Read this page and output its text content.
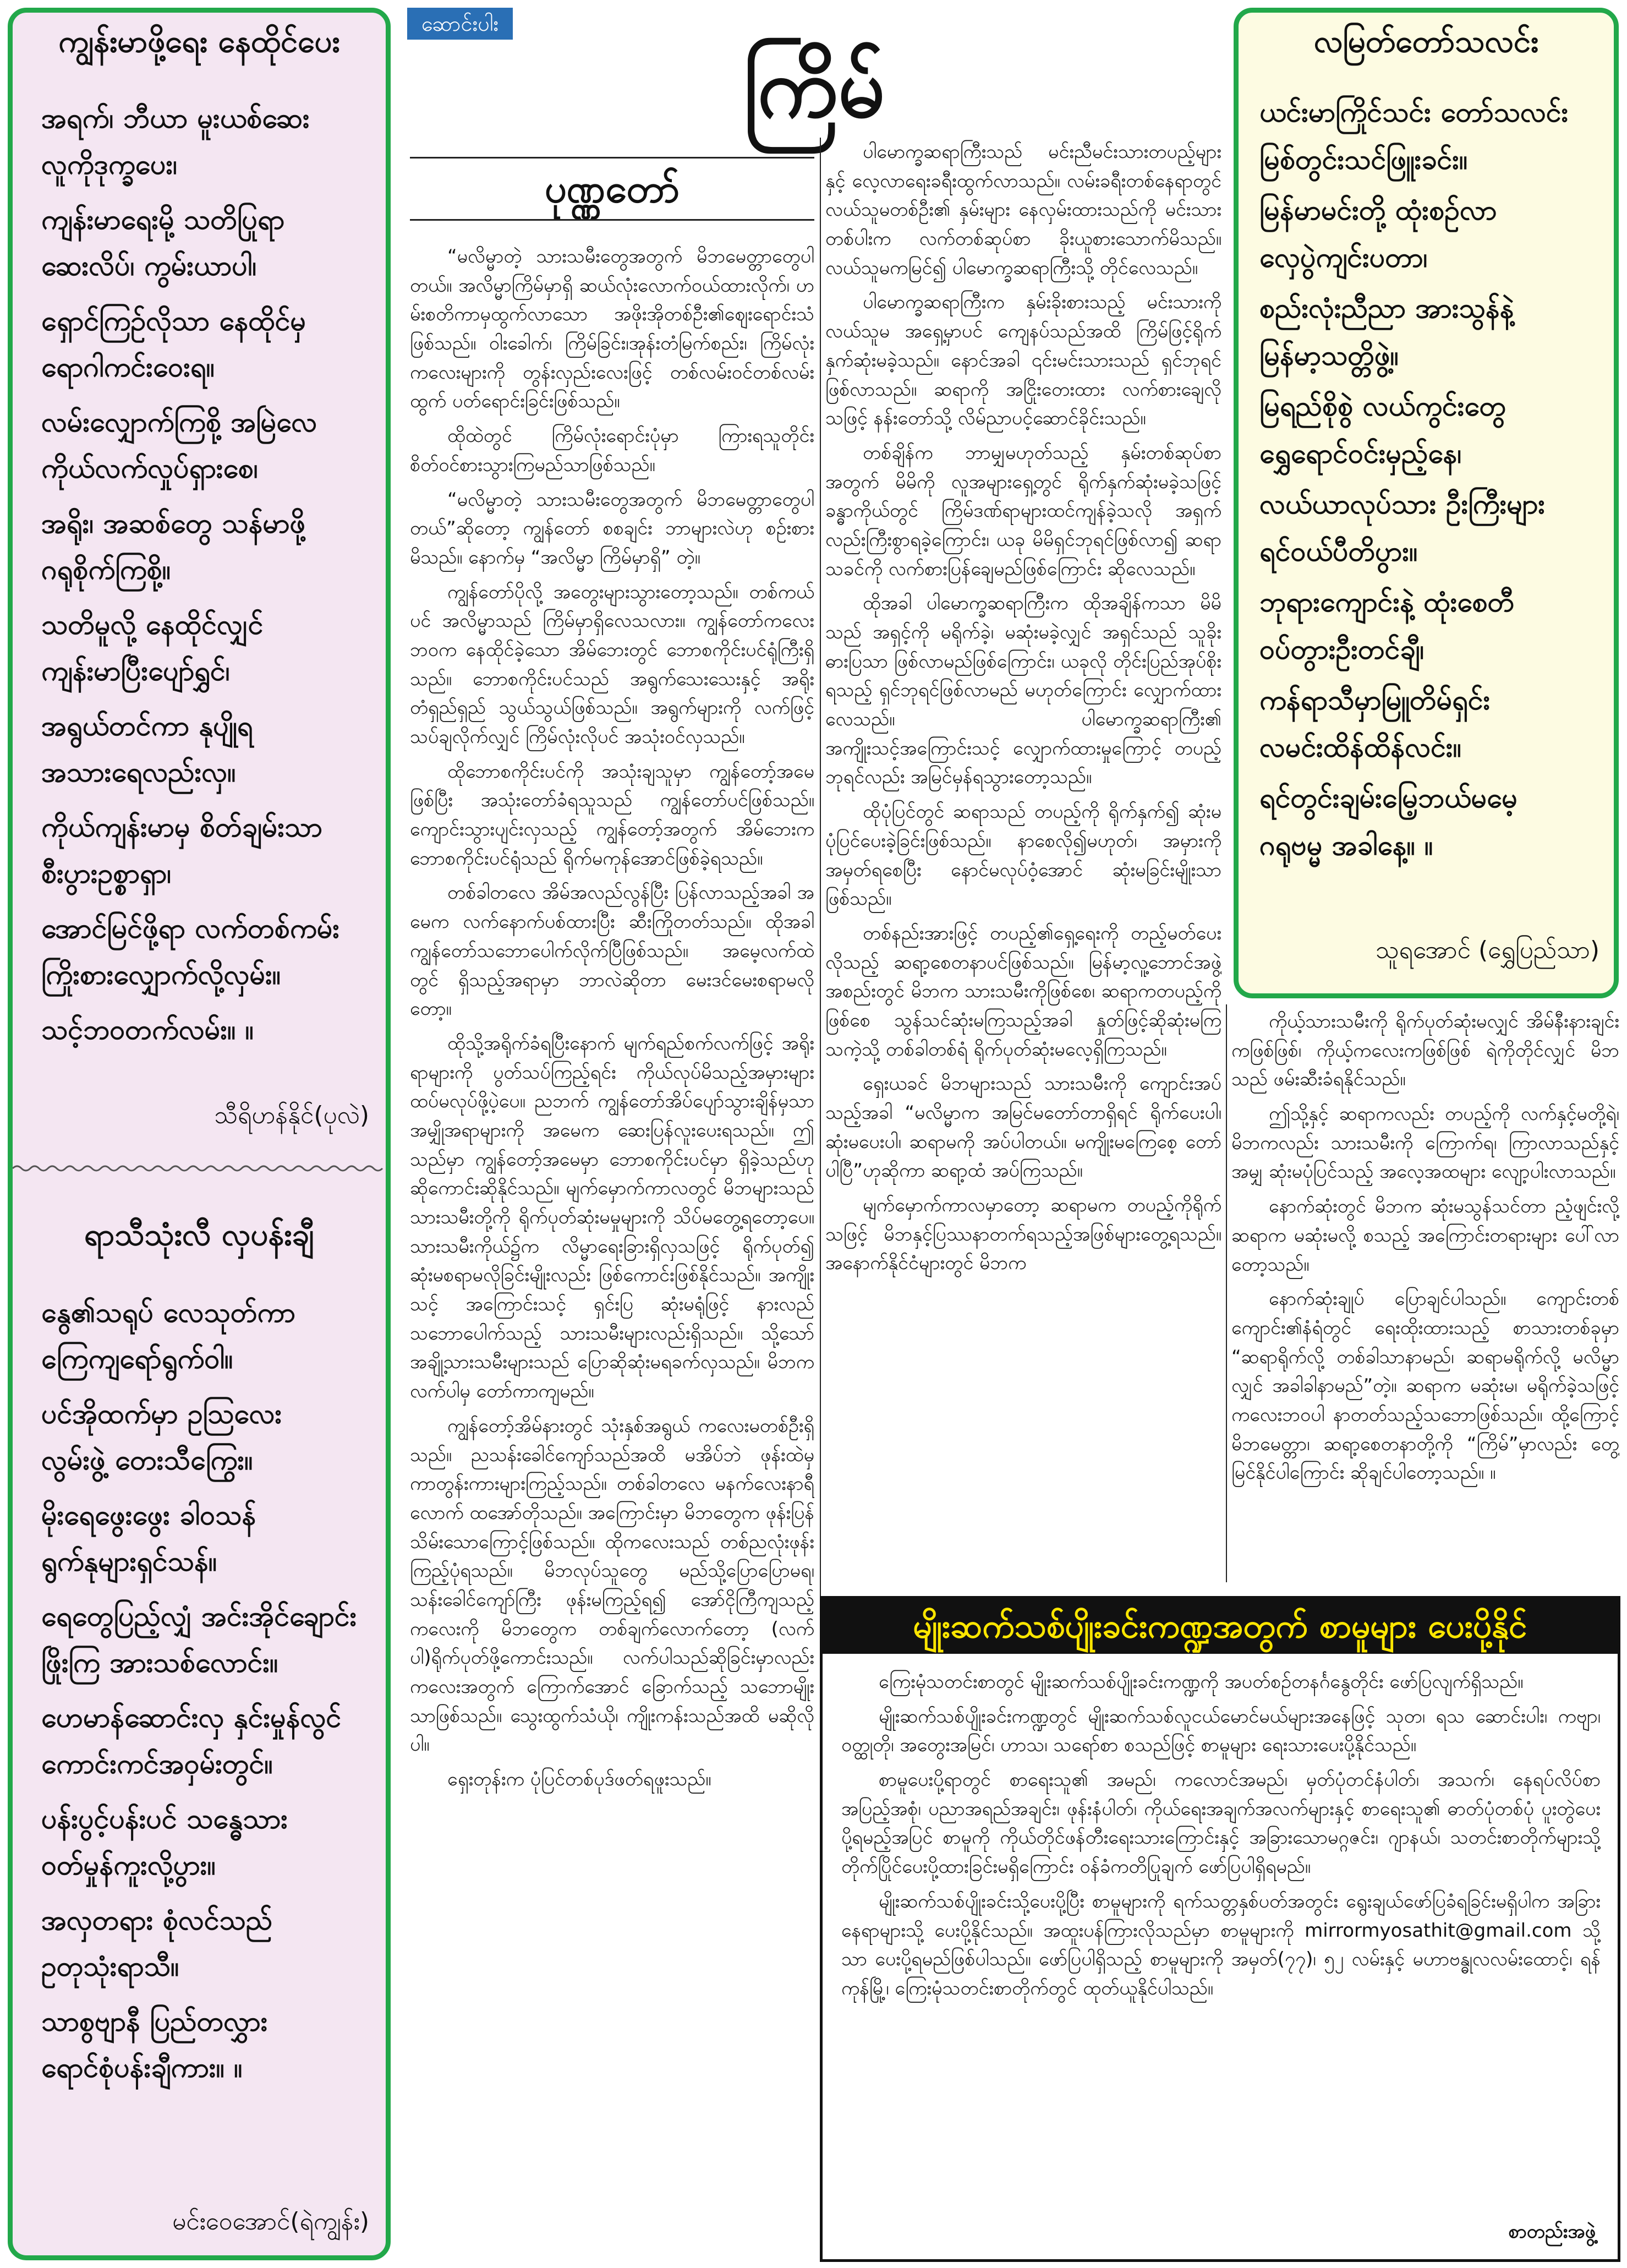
ကျွန်းမာဖို့ရေး နေထိုင်ပေး
အရက်၊ ဘီယာ မူးယစ်ဆေး
လူကိုဒုက္ခပေး၊
ကျန်းမာရေးမို့ သတိပြုရာ
ဆေးလိပ်၊ ကွမ်းယာပါ၊
ရှောင်ကြဉ်လိုသာ နေထိုင်မှ
ရောဂါကင်းဝေးရ။
လမ်းလျှောက်ကြစို့ အမြဲလေ
ကိုယ်လက်လှုပ်ရှားစေ၊
အရိုး၊ အဆစ်တွေ သန်မာဖို့
ဂရုစိုက်ကြစို့။
သတိမူလို့ နေထိုင်လျှင်
ကျန်းမာပြီးပျော်ရွှင်၊
အရွယ်တင်ကာ နုပျိုရ
အသားရေလည်းလှ။
ကိုယ်ကျန်းမာမှ စိတ်ချမ်းသာ
စီးပွားဥစ္စာရှာ၊
အောင်မြင်ဖို့ရာ လက်တစ်ကမ်း
ကြိုးစားလျှောက်လို့လှမ်း။
သင့်ဘဝတက်လမ်း။ ။
သီရိဟန်နိုင်(ပုလဲ)
ရာသီသုံးလီ လှပန်းချီ
နွေ၏သရုပ် လေသုတ်ကာ
ကြေကျရော်ရွက်ဝါ။
ပင်အိုထက်မှာ ဥသြလေး
လွမ်းဖွဲ့ တေးသီကြွေး။
မိုးရေဖွေးဖွေး ခါဝသန်
ရွက်နုများရှင်သန်။
ရေတွေပြည့်လျှံ အင်းအိုင်ချောင်း
ဖြိုးကြ အားသစ်လောင်း။
ဟေမာန်ဆောင်းလှ နှင်းမှုန်လွင်
ကောင်းကင်အဝှမ်းတွင်။
ပန်းပွင့်ပန်းပင် သန္ဓေသား
ဝတ်မှုန်ကူးလို့ပွား။
အလှတရား စုံလင်သည်
ဥတုသုံးရာသီ။
သာစွဗျာနီ ပြည်တလွှား
ရောင်စုံပန်းချီကား။ ။
မင်းဝေအောင်(ရဲကျွန်း)
ဆောင်းပါး
ကြိမ်
ပုဏ္ဏတော်

“မလိမ္မာတဲ့ သားသမီးတွေအတွက် မိဘမေတ္တာတွေပါတယ်။ အလိမ္မာကြိမ်မှာရှိ ဆယ်လုံးလောက်ဝယ်ထားလိုက်၊ ဟမ်းစတိကာမှထွက်လာသော အဖိုးအိုတစ်ဦး၏ဈေးရောင်းသံဖြစ်သည်။ ဝါးခေါက်၊ ကြိမ်ခြင်း၊အုန်းတံမြက်စည်း၊ ကြိမ်လုံးကလေးများကို တွန်းလှည်းလေးဖြင့် တစ်လမ်းဝင်တစ်လမ်းထွက် ပတ်ရောင်းခြင်းဖြစ်သည်။

ထိုထဲတွင် ကြိမ်လုံးရောင်းပုံမှာ ကြားရသူတိုင်း စိတ်ဝင်စားသွားကြမည်သာဖြစ်သည်။

“မလိမ္မာတဲ့ သားသမီးတွေအတွက် မိဘမေတ္တာတွေပါတယ်”ဆိုတော့ ကျွန်တော် စစချင်း ဘာများလဲဟု စဉ်းစားမိသည်။ နောက်မှ “အလိမ္မာ ကြိမ်မှာရှိ” တဲ့။

ကျွန်တော်ပိုလို့ အတွေးများသွားတော့သည်။ တစ်ကယ်ပင် အလိမ္မာသည် ကြိမ်မှာရှိလေသလား။ ကျွန်တော်ကလေးဘဝက နေထိုင်ခဲ့သော အိမ်ဘေးတွင် ဘောစကိုင်းပင်ရုံကြီးရှိသည်။ ဘောစကိုင်းပင်သည် အရွက်သေးသေးနှင့် အရိုးတံရှည်ရှည် သွယ်သွယ်ဖြစ်သည်။ အရွက်များကို လက်ဖြင့် သပ်ချလိုက်လျှင် ကြိမ်လုံးလိုပင် အသုံးဝင်လှသည်။

ထိုဘောစကိုင်းပင်ကို အသုံးချသူမှာ ကျွန်တော့်အမေဖြစ်ပြီး အသုံးတော်ခံရသူသည် ကျွန်တော်ပင်ဖြစ်သည်။ ကျောင်းသွားပျင်းလှသည့် ကျွန်တော့်အတွက် အိမ်ဘေးက ဘောစကိုင်းပင်ရုံသည် ရိုက်မကုန်အောင်ဖြစ်ခဲ့ရသည်။

တစ်ခါတလေ အိမ်အလည်လွန်ပြီး ပြန်လာသည့်အခါ အမေက လက်နောက်ပစ်ထားပြီး ဆီးကြိုတတ်သည်။ ထိုအခါ ကျွန်တော်သဘောပေါက်လိုက်ပြီဖြစ်သည်။ အမေ့လက်ထဲတွင် ရှိသည့်အရာမှာ ဘာလဲဆိုတာ မေးဒင်မေးစရာမလိုတော့။

ထိုသို့အရိုက်ခံရပြီးနောက် မျက်ရည်စက်လက်ဖြင့် အရိုးရာများကို ပွတ်သပ်ကြည့်ရင်း ကိုယ်လုပ်မိသည့်အမှားများ ထပ်မလုပ်ဖို့ပဲ့ပေ။ ညဘက် ကျွန်တော်အိပ်ပျော်သွားချိန်မှသာ အမျှိုအရာများကို အမေက ဆေးပြန်လူးပေးရသည်။ ဤသည်မှာ ကျွန်တော့်အမေမှာ ဘောစကိုင်းပင်မှာ ရှိခဲ့သည်ဟု ဆိုကောင်းဆိုနိုင်သည်။ မျက်မှောက်ကာလတွင် မိဘများသည် သားသမီးတို့ကို ရိုက်ပုတ်ဆုံးမမှုများကို သိပ်မတွေ့ရတော့ပေ။ သားသမီးကိုယ်၌က လိမ္မာရေးခြားရှိလှသဖြင့် ရိုက်ပုတ်၍ ဆုံးမစရာမလိုခြင်းမျိုးလည်း ဖြစ်ကောင်းဖြစ်နိုင်သည်။ အကျိုးသင့် အကြောင်းသင့် ရှင်းပြ ဆုံးမရုံဖြင့် နားလည်သဘောပေါက်သည့် သားသမီးများလည်းရှိသည်။ သို့သော် အချို့သားသမီးများသည် ပြောဆိုဆုံးမရခက်လှသည်။ မိဘက လက်ပါမှ တော်ကာကျမည်။

ကျွန်တော့်အိမ်နားတွင် သုံးနှစ်အရွယ် ကလေးမတစ်ဦးရှိသည်။ ညသန်းခေါင်ကျော်သည်အထိ မအိပ်ဘဲ ဖုန်းထဲမှ ကာတွန်းကားများကြည့်သည်။ တစ်ခါတလေ မနက်လေးနာရီလောက် ထအော်တိုသည်။ အကြောင်းမှာ မိဘတွေက ဖုန်းပြန်သိမ်းသောကြောင့်ဖြစ်သည်။ ထိုကလေးသည် တစ်ညလုံးဖုန်းကြည့်ပုံရသည်။ မိဘလုပ်သူတွေ မည်သို့ပြောပြောမရ၊ သန်းခေါင်ကျော်ကြီး ဖုန်းမကြည့်ရ၍ အော်ငိုကြီကျသည့်ကလေးကို မိဘတွေက တစ်ချက်လောက်တော့ (လက်ပါ)ရိုက်ပုတ်ဖို့ကောင်းသည်။ လက်ပါသည်ဆိုခြင်းမှာလည်း ကလေးအတွက် ကြောက်အောင် ခြောက်သည့် သဘောမျိုးသာဖြစ်သည်။ သွေးထွက်သံယို၊ ကျိုးကန်းသည်အထိ မဆိုလိုပါ။

ရှေးတုန်းက ပုံပြင်တစ်ပုဒ်ဖတ်ရဖူးသည်။

ပါမောက္ခဆရာကြီးသည် မင်းညီမင်းသားတပည့်များနှင့် လေ့လာရေးခရီးထွက်လာသည်။ လမ်းခရီးတစ်နေရာတွင် လယ်သူမတစ်ဦး၏ နှမ်းများ နေလှမ်းထားသည်ကို မင်းသားတစ်ပါးက လက်တစ်ဆုပ်စာ ခိုးယူစားသောက်မိသည်။ လယ်သူမကမြင်၍ ပါမောက္ခဆရာကြီးသို့ တိုင်လေသည်။

ပါမောက္ခဆရာကြီးက နှမ်းခိုးစားသည့် မင်းသားကို လယ်သူမ အရှေ့မှာပင် ကျေနပ်သည်အထိ ကြိမ်ဖြင့်ရိုက်နှက်ဆုံးမခဲ့သည်။ နောင်အခါ ၎င်းမင်းသားသည် ရှင်ဘုရင်ဖြစ်လာသည်။ ဆရာကို အငြိုးတေးထား လက်စားချေလိုသဖြင့် နန်းတော်သို့ လိမ်ညာပင့်ဆောင်ခိုင်းသည်။

တစ်ချိန်က ဘာမျှမဟုတ်သည့် နှမ်းတစ်ဆုပ်စာအတွက် မိမိကို လူအများရှေ့တွင် ရိုက်နှက်ဆုံးမခဲ့သဖြင့် ခန္ဓာကိုယ်တွင် ကြိမ်ဒဏ်ရာများထင်ကျန်ခဲ့သလို အရှက်လည်းကြီးစွာရခဲ့ကြောင်း၊ ယခု မိမိရှင်ဘုရင်ဖြစ်လာ၍ ဆရာသခင်ကို လက်စားပြန်ချေမည်ဖြစ်ကြောင်း ဆိုလေသည်။

ထိုအခါ ပါမောက္ခဆရာကြီးက ထိုအချိန်ကသာ မိမိသည် အရှင့်ကို မရိုက်ခဲ့၊ မဆုံးမခဲ့လျှင် အရှင်သည် သူခိုးဓားပြသာ ဖြစ်လာမည်ဖြစ်ကြောင်း၊ ယခုလို တိုင်းပြည်အုပ်စိုးရသည့် ရှင်ဘုရင်ဖြစ်လာမည် မဟုတ်ကြောင်း လျှောက်ထားလေသည်။ ပါမောက္ခဆရာကြီး၏ အကျိုးသင့်အကြောင်းသင့် လျှောက်ထားမှုကြောင့် တပည့်ဘုရင်လည်း အမြင်မှန်ရသွားတော့သည်။

ထိုပုံပြင်တွင် ဆရာသည် တပည့်ကို ရိုက်နှက်၍ ဆုံးမပုံပြင်ပေးခဲ့ခြင်းဖြစ်သည်။ နာစေလို၍မဟုတ်၊ အမှားကိုအမှတ်ရစေပြီး နောင်မလုပ်ဝံ့အောင် ဆုံးမခြင်းမျိုးသာဖြစ်သည်။

တစ်နည်းအားဖြင့် တပည့်၏ရှေ့ရေးကို တည့်မတ်ပေးလိုသည့် ဆရာ့စေတနာပင်ဖြစ်သည်။ မြန်မာ့လူ့ဘောင်အဖွဲ့အစည်းတွင် မိဘက သားသမီးကိုဖြစ်စေ၊ ဆရာကတပည့်ကိုဖြစ်စေ သွန်သင်ဆုံးမကြသည့်အခါ နှုတ်ဖြင့်ဆိုဆုံးမကြသကဲ့သို့ တစ်ခါတစ်ရံ ရိုက်ပုတ်ဆုံးမလေ့ရှိကြသည်။

ရှေးယခင် မိဘများသည် သားသမီးကို ကျောင်းအပ်သည့်အခါ “မလိမ္မာက အမြင်မတော်တာရှိရင် ရိုက်ပေးပါ၊ ဆုံးမပေးပါ၊ ဆရာမကို အပ်ပါတယ်။ မကျိုးမကြေစေ့ တော်ပါပြီ”ဟုဆိုကာ ဆရာ့ထံ အပ်ကြသည်။

မျက်မှောက်ကာလမှာတော့ ဆရာမက တပည့်ကိုရိုက်သဖြင့် မိဘနှင့်ပြဿနာတက်ရသည့်အဖြစ်များတွေ့ရသည်။ အနောက်နိုင်ငံများတွင် မိဘက

ကိုယ့်သားသမီးကို ရိုက်ပုတ်ဆုံးမလျှင် အိမ်နီးနားချင်းကဖြစ်ဖြစ်၊ ကိုယ့်ကလေးကဖြစ်ဖြစ် ရဲကိုတိုင်လျှင် မိဘသည် ဖမ်းဆီးခံရနိုင်သည်။

ဤသို့နှင့် ဆရာကလည်း တပည့်ကို လက်နှင့်မတို့ရဲ၊ မိဘကလည်း သားသမီးကို ကြောက်ရ၊ ကြာလာသည်နှင့်အမျှ ဆုံးမပုံပြင်သည့် အလေ့အထများ လျော့ပါးလာသည်။

နောက်ဆုံးတွင် မိဘက ဆုံးမသွန်သင်တာ ညံ့ဖျင်းလို့ ဆရာက မဆုံးမလို့ စသည့် အကြောင်းတရားများ ပေါ်လာတော့သည်။

နောက်ဆုံးချုပ် ပြောချင်ပါသည်။ ကျောင်းတစ်ကျောင်း၏နံရံတွင် ရေးထိုးထားသည့် စာသားတစ်ခုမှာ “ဆရာရိုက်လို့ တစ်ခါသာနာမည်၊ ဆရာမရိုက်လို့ မလိမ္မာလျှင် အခါခါနာမည်”တဲ့။ ဆရာက မဆုံးမ၊ မရိုက်ခဲ့သဖြင့် ကလေးဘဝပါ နာတတ်သည့်သဘောဖြစ်သည်။ ထို့ကြောင့် မိဘမေတ္တာ၊ ဆရာ့စေတနာတို့ကို “ကြိမ်”မှာလည်း တွေ့မြင်နိုင်ပါကြောင်း ဆိုချင်ပါတော့သည်။ ။

လမြတ်တော်သလင်း
ယင်းမာကြိုင်သင်း တော်သလင်း
မြစ်တွင်းသင်ဖြူးခင်း။
မြန်မာမင်းတို့ ထုံးစဉ်လာ
လှေပွဲကျင်းပတာ၊
စည်းလုံးညီညာ အားသွန်နဲ့
မြန်မာ့သတ္တိဖွဲ့။
မြရည်စိုစွဲ လယ်ကွင်းတွေ
ရွှေရောင်ဝင်းမှည့်နေ၊
လယ်ယာလုပ်သား ဦးကြီးများ
ရင်ဝယ်ပီတိပွား။
ဘုရားကျောင်းနဲ့ ထုံးစေတီ
ဝပ်တွားဦးတင်ချီ၊
ကန်ရာသီမှာမြူတိမ်ရှင်း
လမင်းထိန်ထိန်လင်း။
ရင်တွင်းချမ်းမြေ့ဘယ်မမေ့
ဂရုဗမ္မ အခါနေ့။ ။
သူရအောင် (ရွှေပြည်သာ)
မျိုးဆက်သစ်ပျိုးခင်းကဏ္ဍအတွက် စာမူများ ပေးပို့နိုင်

ကြေးမုံသတင်းစာတွင် မျိုးဆက်သစ်ပျိုးခင်းကဏ္ဍကို အပတ်စဉ်တနင်္ဂနွေတိုင်း ဖော်ပြလျက်ရှိသည်။

မျိုးဆက်သစ်ပျိုးခင်းကဏ္ဍတွင် မျိုးဆက်သစ်လူငယ်မောင်မယ်များအနေဖြင့် သုတ၊ ရသ ဆောင်းပါး၊ ကဗျာ၊ ဝတ္ထုတို၊ အတွေးအမြင်၊ ဟာသ၊ သရော်စာ စသည်ဖြင့် စာမူများ ရေးသားပေးပို့နိုင်သည်။

စာမူပေးပို့ရာတွင် စာရေးသူ၏ အမည်၊ ကလောင်အမည်၊ မှတ်ပုံတင်နံပါတ်၊ အသက်၊ နေရပ်လိပ်စာအပြည့်အစုံ၊ ပညာအရည်အချင်း၊ ဖုန်းနံပါတ်၊ ကိုယ်ရေးအချက်အလက်များနှင့် စာရေးသူ၏ ဓာတ်ပုံတစ်ပုံ ပူးတွဲပေးပို့ရမည့်အပြင် စာမူကို ကိုယ်တိုင်ဖန်တီးရေးသားကြောင်းနှင့် အခြားသောမဂ္ဂဇင်း၊ ဂျာနယ်၊ သတင်းစာတိုက်များသို့ တိုက်ပြိုင်ပေးပို့ထားခြင်းမရှိကြောင်း ဝန်ခံကတိပြုချက် ဖော်ပြပါရှိရမည်။

မျိုးဆက်သစ်ပျိုးခင်းသို့ပေးပို့ပြီး စာမူများကို ရက်သတ္တနှစ်ပတ်အတွင်း ရွေးချယ်ဖော်ပြခံရခြင်းမရှိပါက အခြားနေရာများသို့ ပေးပို့နိုင်သည်။ အထူးပန်ကြားလိုသည်မှာ စာမူများကို mirrormyosathit@gmail.com သို့သာ ပေးပို့ရမည်ဖြစ်ပါသည်။ ဖော်ပြပါရှိသည့် စာမူများကို အမှတ်(၇၇)၊ ၅၂ လမ်းနှင့် မဟာဗန္ဓုလလမ်းထောင့်၊ ရန်ကုန်မြို့၊ ကြေးမုံသတင်းစာတိုက်တွင် ထုတ်ယူနိုင်ပါသည်။

စာတည်းအဖွဲ့
